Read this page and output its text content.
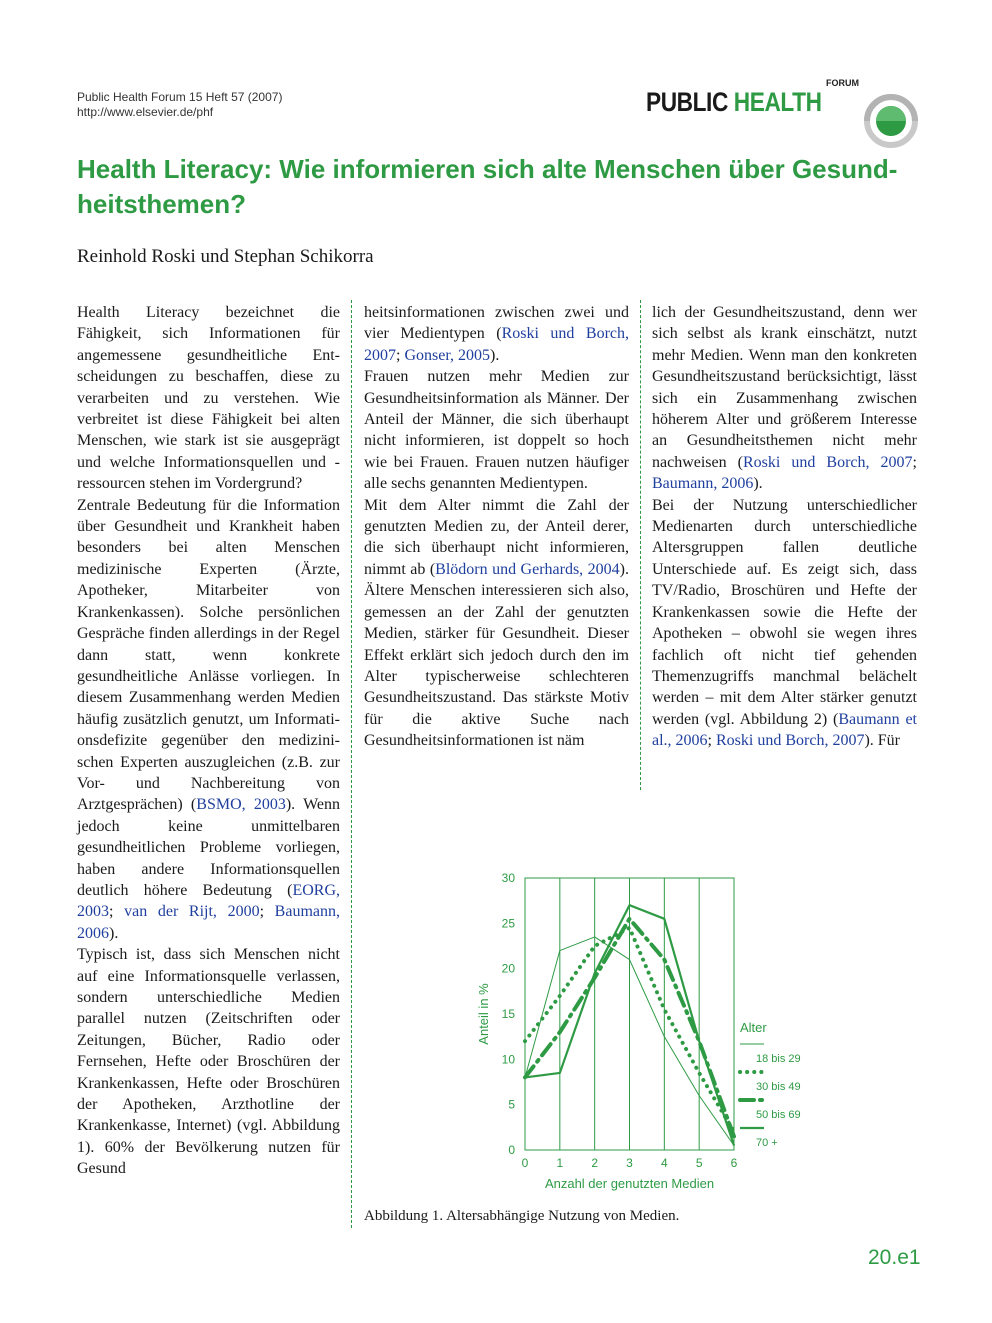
Public Health Forum 15 Heft 57 (2007)
http://www.elsevier.de/phf
FORUM
PUBLIC HEALTH
Health Literacy: Wie informieren sich alte Menschen über Gesundheitsthemen?
Reinhold Roski und Stephan Schikorra

Health Literacy bezeichnet die Fähigkeit, sich Informationen für angemessene gesundheitliche Entscheidungen zu beschaffen, diese zu verarbeiten und zu verstehen. Wie verbreitet ist diese Fähigkeit bei alten Menschen, wie stark ist sie ausgeprägt und welche Informationsquellen und -ressourcen stehen im Vordergrund?

Zentrale Bedeutung für die Information über Gesundheit und Krankheit haben besonders bei alten Menschen medizinische Experten (Ärzte, Apotheker, Mitarbeiter von Krankenkassen). Solche persönlichen Gespräche finden allerdings in der Regel dann statt, wenn konkrete gesundheitliche Anlässe vorliegen. In diesem Zusammenhang werden Medien häufig zusätzlich genutzt, um Informationsdefizite gegenüber den medizinischen Experten auszugleichen (z.B. zur Vor- und Nachbereitung von Arztgesprächen) (BSMO, 2003). Wenn jedoch keine unmittelbaren gesundheitlichen Probleme vorliegen, haben andere Informationsquellen deutlich höhere Bedeutung (EORG, 2003; van der Rijt, 2000; Baumann, 2006).

Typisch ist, dass sich Menschen nicht auf eine Informationsquelle verlassen, sondern unterschiedliche Medien parallel nutzen (Zeitschriften oder Zeitungen, Bücher, Radio oder Fernsehen, Hefte oder Broschüren der Krankenkassen, Hefte oder Broschüren der Apotheken, Arzthotline der Krankenkasse, Internet) (vgl. Abbildung 1). 60% der Bevölkerung nutzen für Gesund

heitsinformationen zwischen zwei und vier Medientypen (Roski und Borch, 2007; Gonser, 2005).

Frauen nutzen mehr Medien zur Gesundheitsinformation als Männer. Der Anteil der Männer, die sich überhaupt nicht informieren, ist doppelt so hoch wie bei Frauen. Frauen nutzen häufiger alle sechs genannten Medientypen.

Mit dem Alter nimmt die Zahl der genutzten Medien zu, der Anteil derer, die sich überhaupt nicht informieren, nimmt ab (Blödorn und Gerhards, 2004). Ältere Menschen interessieren sich also, gemessen an der Zahl der genutzten Medien, stärker für Gesundheit. Dieser Effekt erklärt sich jedoch durch den im Alter typischerweise schlechteren Gesundheitszustand. Das stärkste Motiv für die aktive Suche nach Gesundheitsinformationen ist näm

lich der Gesundheitszustand, denn wer sich selbst als krank einschätzt, nutzt mehr Medien. Wenn man den konkreten Gesundheitszustand berücksichtigt, lässt sich ein Zusammenhang zwischen höherem Alter und größerem Interesse an Gesundheitsthemen nicht mehr nachweisen (Roski und Borch, 2007; Baumann, 2006).

Bei der Nutzung unterschiedlicher Medienarten durch unterschiedliche Altersgruppen fallen deutliche Unterschiede auf. Es zeigt sich, dass TV/Radio, Broschüren und Hefte der Krankenkassen sowie die Hefte der Apotheken – obwohl sie wegen ihres fachlich oft nicht tief gehenden Themenzugriffs manchmal belächelt werden – mit dem Alter stärker genutzt werden (vgl. Abbildung 2) (Baumann et al., 2006; Roski und Borch, 2007). Für

0 1 2 3 4 5 6
0
5
10
15
20
25
30
Anzahl der genutzten Medien
Anteil in %	Alter
18 bis 29
30 bis 49
50 bis 69
70 +
Abbildung 1. Altersabhängige Nutzung von Medien.
20.e1
